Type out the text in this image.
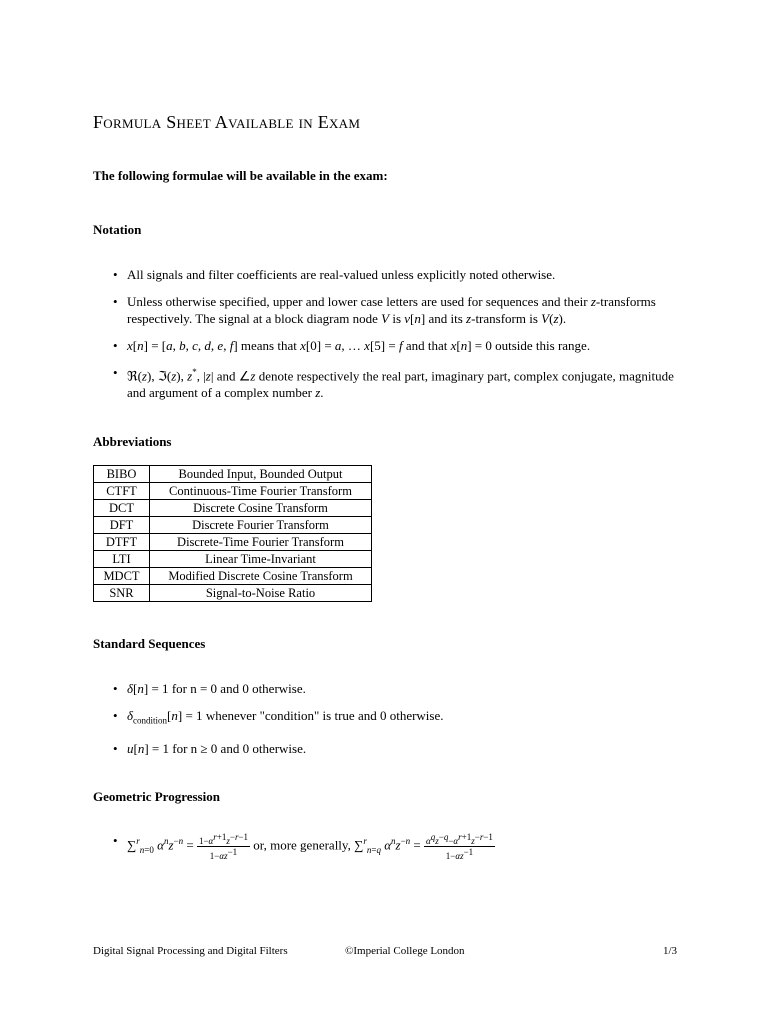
Formula Sheet Available in Exam

The following formulae will be available in the exam:

Notation
• All signals and filter coefficients are real-valued unless explicitly noted otherwise.
• Unless otherwise specified, upper and lower case letters are used for sequences and their z-transforms respectively. The signal at a block diagram node V is v[n] and its z-transform is V(z).
• x[n] = [a, b, c, d, e, f] means that x[0] = a, … x[5] = f and that x[n] = 0 outside this range.
• ℜ(z), ℑ(z), z*, |z| and ∠z denote respectively the real part, imaginary part, complex conjugate, magnitude and argument of a complex number z.
Abbreviations
BIBO	Bounded Input, Bounded Output
CTFT	Continuous-Time Fourier Transform
DCT	Discrete Cosine Transform
DFT	Discrete Fourier Transform
DTFT	Discrete-Time Fourier Transform
LTI	Linear Time-Invariant
MDCT	Modified Discrete Cosine Transform
SNR	Signal-to-Noise Ratio
Standard Sequences
• δ[n] = 1 for n = 0 and 0 otherwise.
• $\delta_{condition}[n] = 1$ whenever "condition" is true and 0 otherwise.
• u[n] = 1 for n ≥ 0 and 0 otherwise.
Geometric Progression
• ∑$^r_{n=0}$ $\alpha^nz^{-n} = \frac{1-\alpha^{r+1}z^{-r-1}}{1-\alpha z^{-1}}$ or, more generally, ∑$^r_{n=q}$ $\alpha^nz^{-n} = \frac{\alpha^qz^{-q}-\alpha^{r+1}z^{-r-1}}{1-\alpha z^{-1}}$
Digital Signal Processing and Digital Filters	©Imperial College London	1/3
